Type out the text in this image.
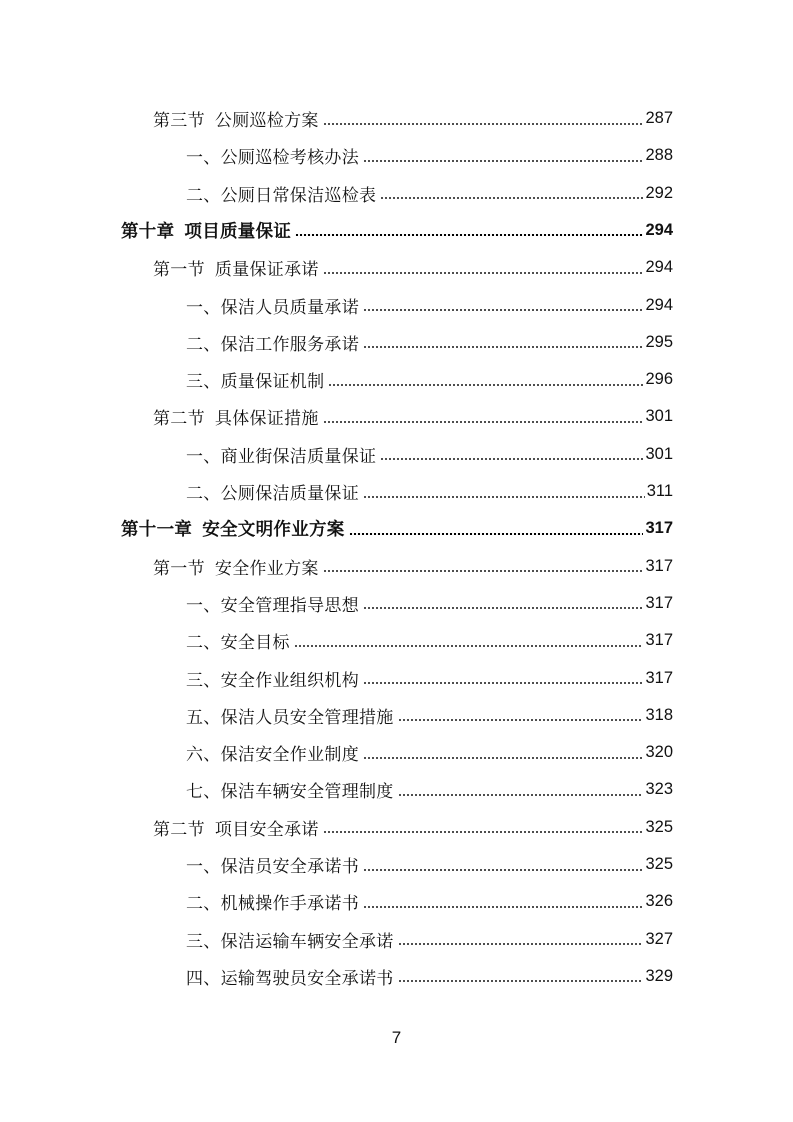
第三节 公厕巡检方案	287
一、公厕巡检考核办法	288
二、公厕日常保洁巡检表	292
第十章 项目质量保证	294
第一节 质量保证承诺	294
一、保洁人员质量承诺	294
二、保洁工作服务承诺	295
三、质量保证机制	296
第二节 具体保证措施	301
一、商业街保洁质量保证	301
二、公厕保洁质量保证	311
第十一章 安全文明作业方案	317
第一节 安全作业方案	317
一、安全管理指导思想	317
二、安全目标	317
三、安全作业组织机构	317
五、保洁人员安全管理措施	318
六、保洁安全作业制度	320
七、保洁车辆安全管理制度	323
第二节 项目安全承诺	325
一、保洁员安全承诺书	325
二、机械操作手承诺书	326
三、保洁运输车辆安全承诺	327
四、运输驾驶员安全承诺书	329
7
